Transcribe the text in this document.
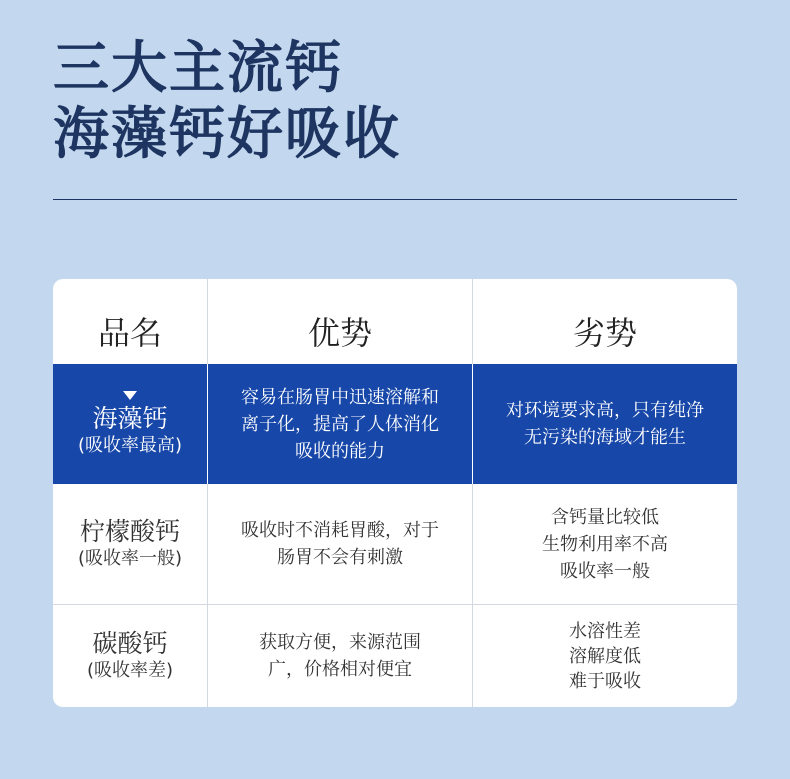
三大主流钙
海藻钙好吸收
品名	优势	劣势
海藻钙
(吸收率最高)
容易在肠胃中迅速溶解和
离子化，提高了人体消化
吸收的能力
对环境要求高，只有纯净
无污染的海域才能生
柠檬酸钙
(吸收率一般)
吸收时不消耗胃酸，对于
肠胃不会有刺激
含钙量比较低
生物利用率不高
吸收率一般
碳酸钙
(吸收率差)
获取方便，来源范围
广，价格相对便宜
水溶性差
溶解度低
难于吸收
